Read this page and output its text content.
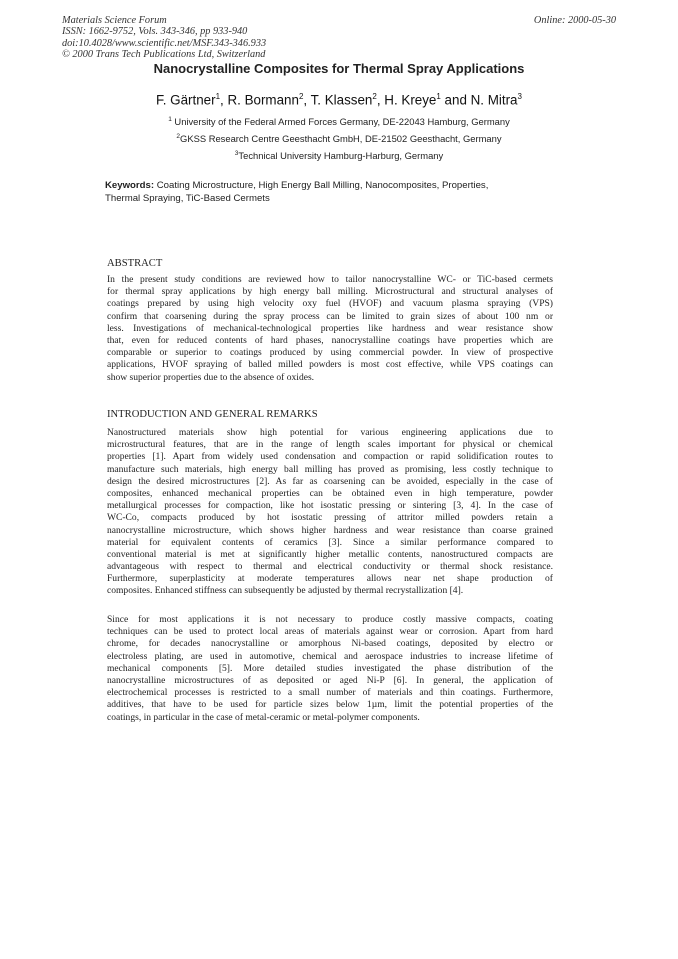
Materials Science Forum
ISSN: 1662-9752, Vols. 343-346, pp 933-940
doi:10.4028/www.scientific.net/MSF.343-346.933
© 2000 Trans Tech Publications Ltd, Switzerland
Online: 2000-05-30
Nanocrystalline Composites for Thermal Spray Applications
F. Gärtner$^1$, R. Bormann$^2$, T. Klassen$^2$, H. Kreye$^1$ and N. Mitra$^3$
$^1$ University of the Federal Armed Forces Germany, DE-22043 Hamburg, Germany
$^2$GKSS Research Centre Geesthacht GmbH, DE-21502 Geesthacht, Germany
$^3$Technical University Hamburg-Harburg, Germany
Keywords: Coating Microstructure, High Energy Ball Milling, Nanocomposites, Properties,
Thermal Spraying, TiC-Based Cermets
ABSTRACT
In the present study conditions are reviewed how to tailor nanocrystalline WC- or TiC-based cermets
for thermal spray applications by high energy ball milling. Microstructural and structural analyses of
coatings prepared by using high velocity oxy fuel (HVOF) and vacuum plasma spraying (VPS)
confirm that coarsening during the spray process can be limited to grain sizes of about 100 nm or
less. Investigations of mechanical-technological properties like hardness and wear resistance show
that, even for reduced contents of hard phases, nanocrystalline coatings have properties which are
comparable or superior to coatings produced by using commercial powder. In view of prospective
applications, HVOF spraying of balled milled powders is most cost effective, while VPS coatings can
show superior properties due to the absence of oxides.
INTRODUCTION AND GENERAL REMARKS
Nanostructured materials show high potential for various engineering applications due to
microstructural features, that are in the range of length scales important for physical or chemical
properties [1]. Apart from widely used condensation and compaction or rapid solidification routes to
manufacture such materials, high energy ball milling has proved as promising, less costly technique to
design the desired microstructures [2]. As far as coarsening can be avoided, especially in the case of
composites, enhanced mechanical properties can be obtained even in high temperature, powder
metallurgical processes for compaction, like hot isostatic pressing or sintering [3, 4]. In the case of
WC-Co, compacts produced by hot isostatic pressing of attritor milled powders retain a
nanocrystalline microstructure, which shows higher hardness and wear resistance than coarse grained
material for equivalent contents of ceramics [3]. Since a similar performance compared to
conventional material is met at significantly higher metallic contents, nanostructured compacts are
advantageous with respect to thermal and electrical conductivity or thermal shock resistance.
Furthermore, superplasticity at moderate temperatures allows near net shape production of
composites. Enhanced stiffness can subsequently be adjusted by thermal recrystallization [4].
Since for most applications it is not necessary to produce costly massive compacts, coating
techniques can be used to protect local areas of materials against wear or corrosion. Apart from hard
chrome, for decades nanocrystalline or amorphous Ni-based coatings, deposited by electro or
electroless plating, are used in automotive, chemical and aerospace industries to increase lifetime of
mechanical components [5]. More detailed studies investigated the phase distribution of the
nanocrystalline microstructures of as deposited or aged Ni-P [6]. In general, the application of
electrochemical processes is restricted to a small number of materials and thin coatings. Furthermore,
additives, that have to be used for particle sizes below 1µm, limit the potential properties of the
coatings, in particular in the case of metal-ceramic or metal-polymer components.
